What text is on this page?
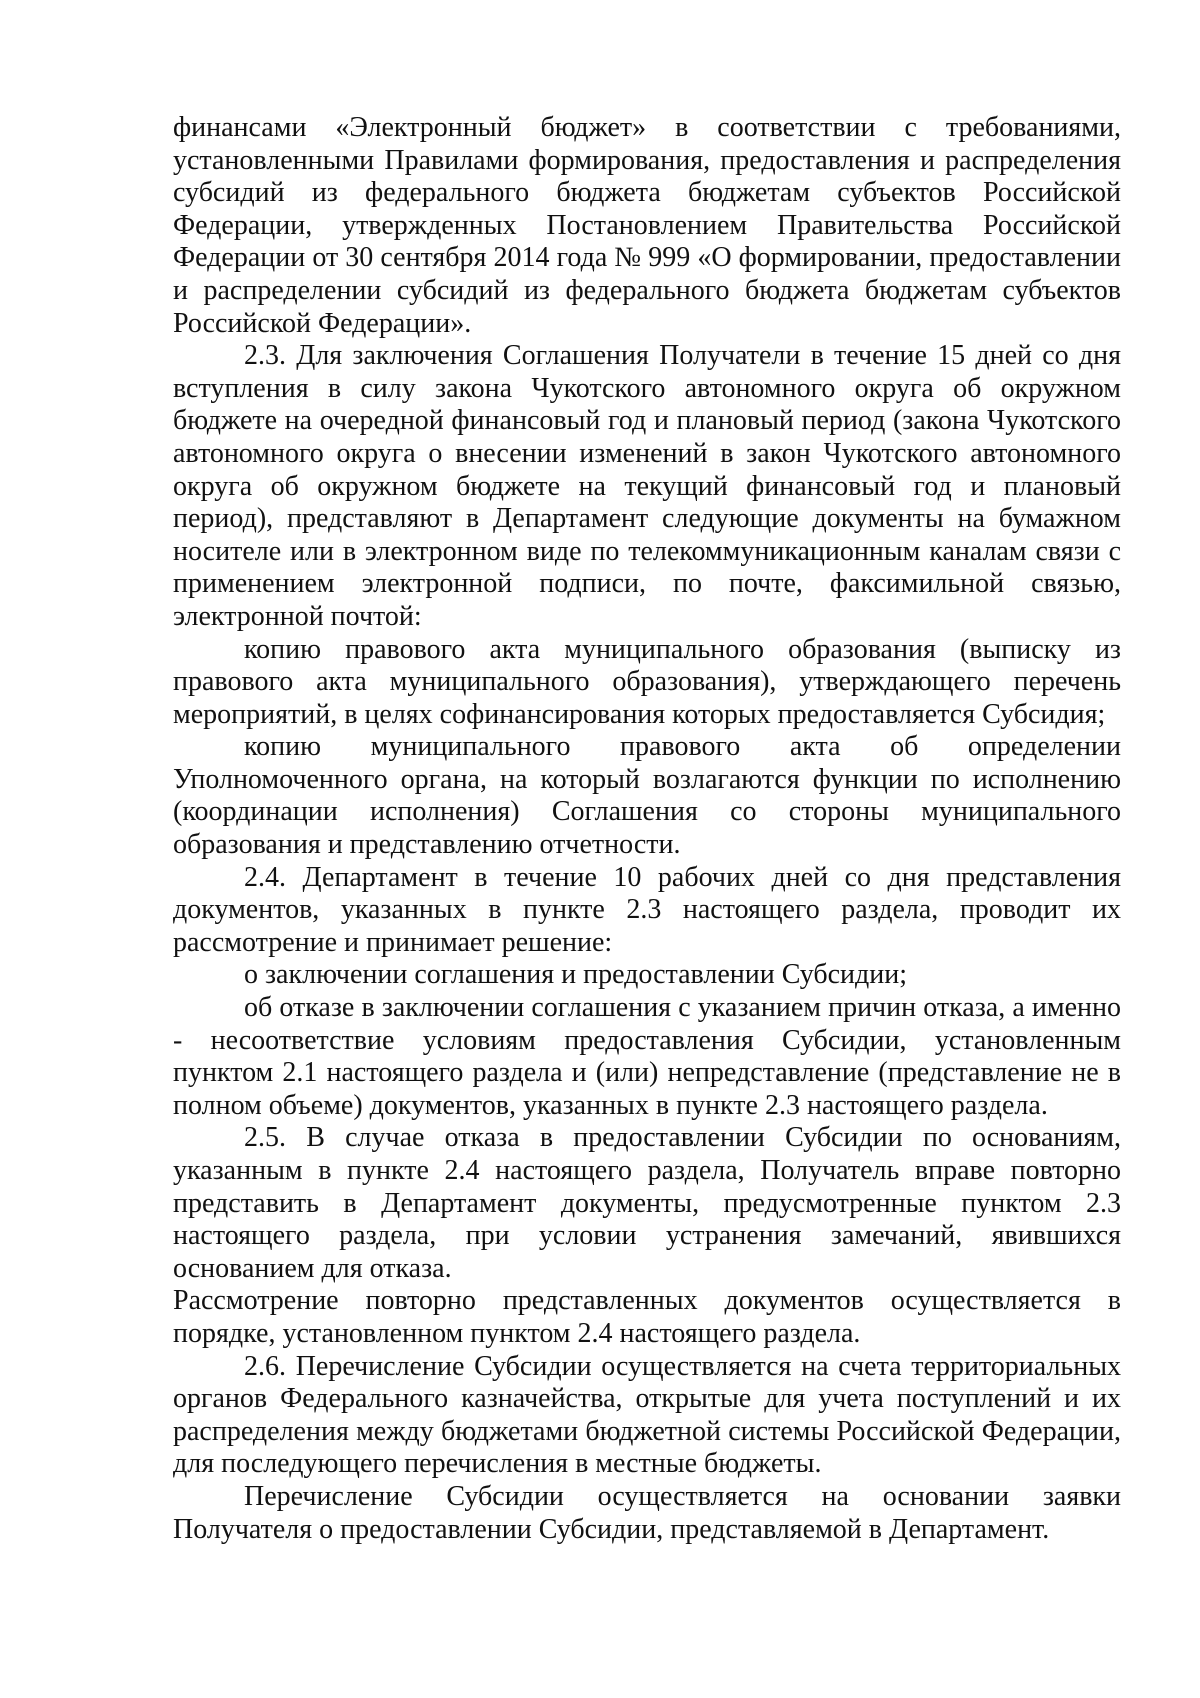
финансами «Электронный бюджет» в соответствии с требованиями, установленными Правилами формирования, предоставления и распределения субсидий из федерального бюджета бюджетам субъектов Российской Федерации, утвержденных Постановлением Правительства Российской Федерации от 30 сентября 2014 года № 999 «О формировании, предоставлении и распределении субсидий из федерального бюджета бюджетам субъектов Российской Федерации».

2.3. Для заключения Соглашения Получатели в течение 15 дней со дня вступления в силу закона Чукотского автономного округа об окружном бюджете на очередной финансовый год и плановый период (закона Чукотского автономного округа о внесении изменений в закон Чукотского автономного округа об окружном бюджете на текущий финансовый год и плановый период), представляют в Департамент следующие документы на бумажном носителе или в электронном виде по телекоммуникационным каналам связи с применением электронной подписи, по почте, факсимильной связью, электронной почтой:

копию правового акта муниципального образования (выписку из правового акта муниципального образования), утверждающего перечень мероприятий, в целях софинансирования которых предоставляется Субсидия;

копию муниципального правового акта об определении Уполномоченного органа, на который возлагаются функции по исполнению (координации исполнения) Соглашения со стороны муниципального образования и представлению отчетности.

2.4. Департамент в течение 10 рабочих дней со дня представления документов, указанных в пункте 2.3 настоящего раздела, проводит их рассмотрение и принимает решение:

о заключении соглашения и предоставлении Субсидии;

об отказе в заключении соглашения с указанием причин отказа, а именно - несоответствие условиям предоставления Субсидии, установленным пунктом 2.1 настоящего раздела и (или) непредставление (представление не в полном объеме) документов, указанных в пункте 2.3 настоящего раздела.

2.5. В случае отказа в предоставлении Субсидии по основаниям, указанным в пункте 2.4 настоящего раздела, Получатель вправе повторно представить в Департамент документы, предусмотренные пунктом 2.3 настоящего раздела, при условии устранения замечаний, явившихся основанием для отказа.

Рассмотрение повторно представленных документов осуществляется в порядке, установленном пунктом 2.4 настоящего раздела.

2.6. Перечисление Субсидии осуществляется на счета территориальных органов Федерального казначейства, открытые для учета поступлений и их распределения между бюджетами бюджетной системы Российской Федерации, для последующего перечисления в местные бюджеты.

Перечисление Субсидии осуществляется на основании заявки Получателя о предоставлении Субсидии, представляемой в Департамент.
